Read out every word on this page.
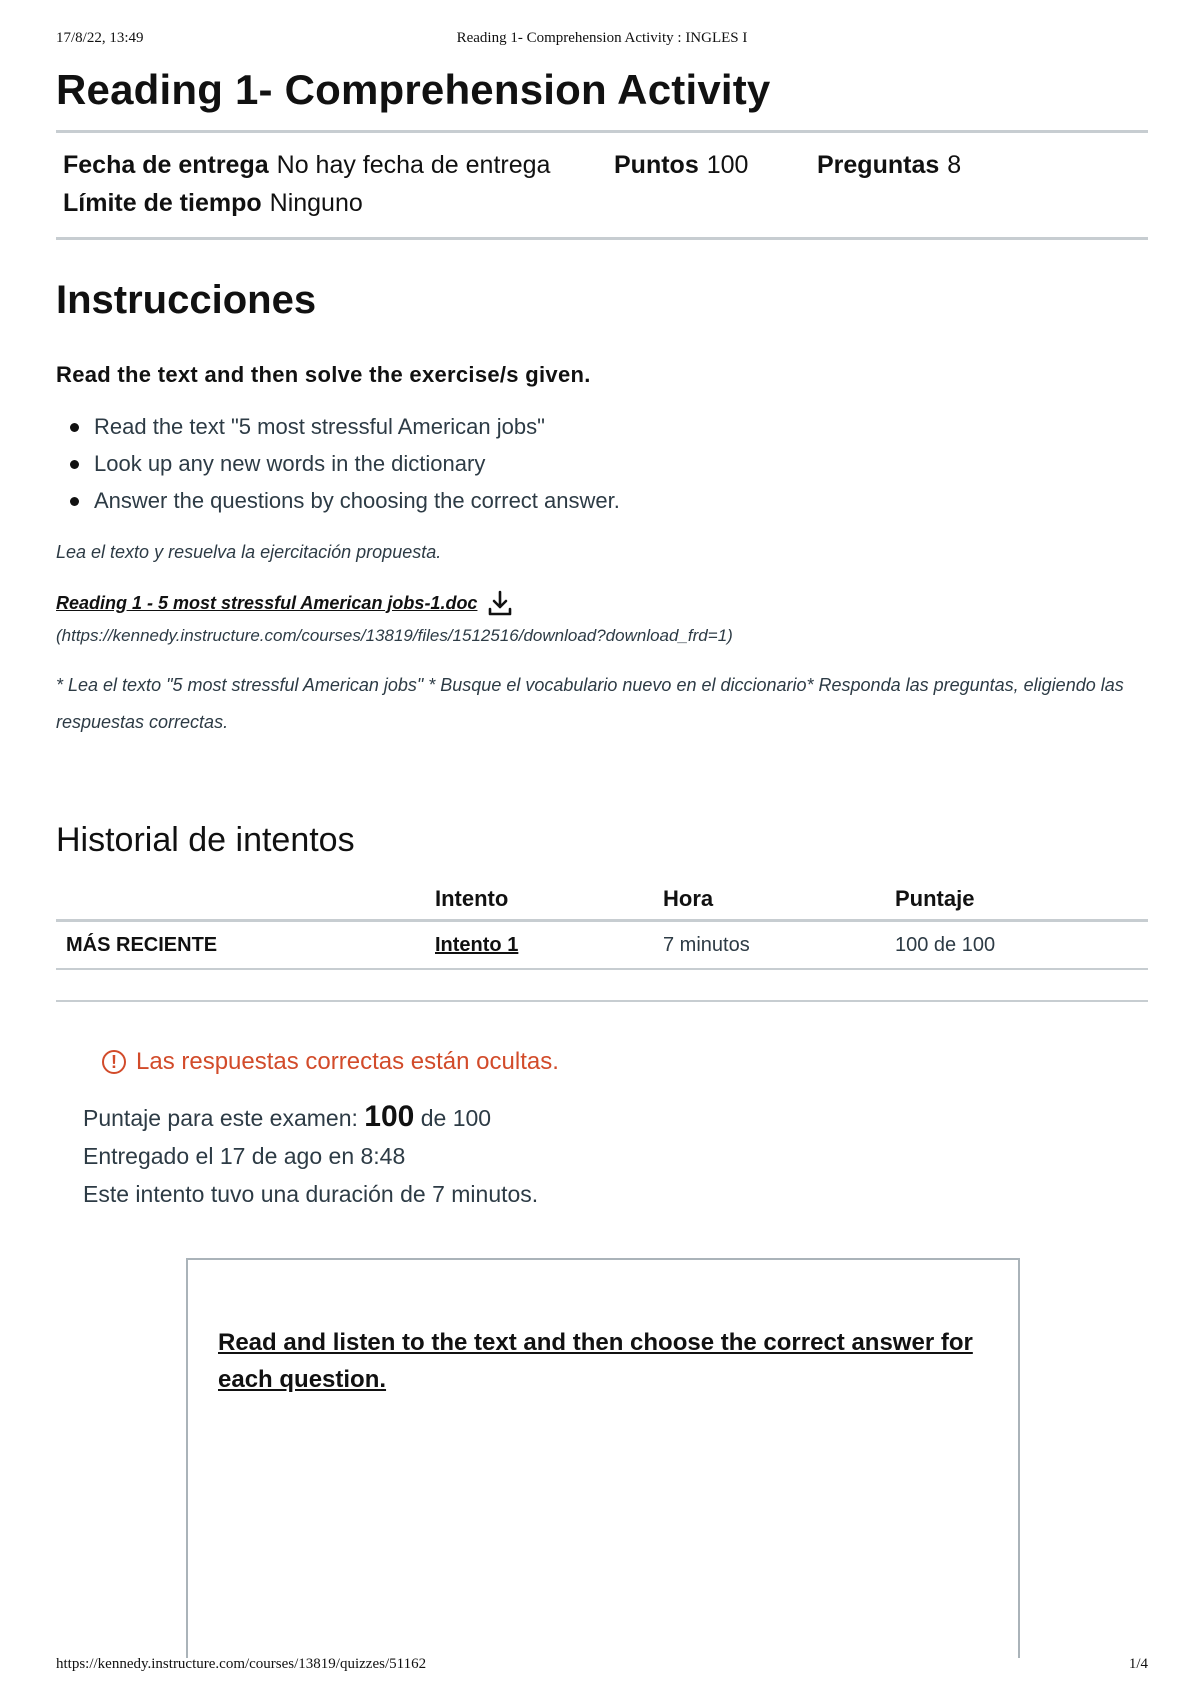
17/8/22, 13:49	Reading 1- Comprehension Activity : INGLES I
Reading 1- Comprehension Activity
Fecha de entrega No hay fecha de entrega	Puntos 100	Preguntas 8
Límite de tiempo Ninguno
Instrucciones
Read the text and then solve the exercise/s given.
Read the text "5 most stressful American jobs"
Look up any new words in the dictionary
Answer the questions by choosing the correct answer.
Lea el texto y resuelva la ejercitación propuesta.
Reading 1 - 5 most stressful American jobs-1.doc
(https://kennedy.instructure.com/courses/13819/files/1512516/download?download_frd=1)
* Lea el texto "5 most stressful American jobs" * Busque el vocabulario nuevo en el diccionario* Responda las preguntas, eligiendo las respuestas correctas.
Historial de intentos
	Intento	Hora	Puntaje
MÁS RECIENTE	Intento 1	7 minutos	100 de 100
! Las respuestas correctas están ocultas.
Puntaje para este examen: 100 de 100
Entregado el 17 de ago en 8:48
Este intento tuvo una duración de 7 minutos.
Read and listen to the text and then choose the correct answer for each question.
https://kennedy.instructure.com/courses/13819/quizzes/51162	1/4
